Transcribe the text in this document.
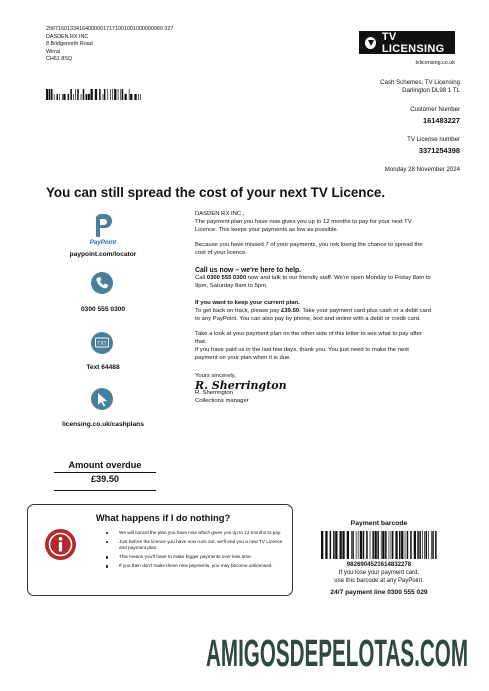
256716013341640000017171001001000000060 327
DASDEN RX INC
8 Bridgenorth Road
Wirral
CH61 8SQ
TV LICENSING
tvlicensing.co.uk
Cash Schemes, TV Licensing
Darlington DL98 1 TL
Customer Number
161483227
TV License number
3371254398
Monday 28 November 2024
You can still spread the cost of your next TV Licence.
PayPoint
paypoint.com/locator
0300 555 0300
TXT
Text 64488
licensing.co.uk/cashplans

DASDEN RX INC ,

The payment plan you have now gives you up to 12 months to pay for your next TV Licence. This keeps your payments as low as possible.

Because you have missed 7 of your payments, you risk losing the chance to spread the cost of your licence.

Call us now – we're here to help.

Call 0300 555 0300 now and talk to our friendly staff. We're open Monday to Friday 8am to 9pm, Saturday 8am to 5pm.

If you want to keep your current plan.

To get back on track, please pay £39.50. Take your payment card plus cash or a debit card to any PayPoint. You can also pay by phone, text and online with a debit or credit card.

Take a look at your payment plan on the other side of this letter to see what to pay after that.

If you have paid us in the last few days, thank you. You just need to make the next payment on your plan when it is due.

Yours sincerely,

R. Sherrington
R. Sherrington
Collections manager
Amount overdue
£39.50
What happens if I do nothing?
We will cancel the plan you have now which gives you up to 12 months to pay.
Just before the licence you have now runs out, we'll end you a new TV Licence and payment plan.
This means you'll have to make bigger payments over less time.
If you then don't make these new payments, you may become unlicensed.
Payment barcode
9826904521614832278
If you lose your payment card,
use this barcode at any PayPoint.
24/7 payment line 0300 555 029
AMIGOSDEPELOTAS.COM
